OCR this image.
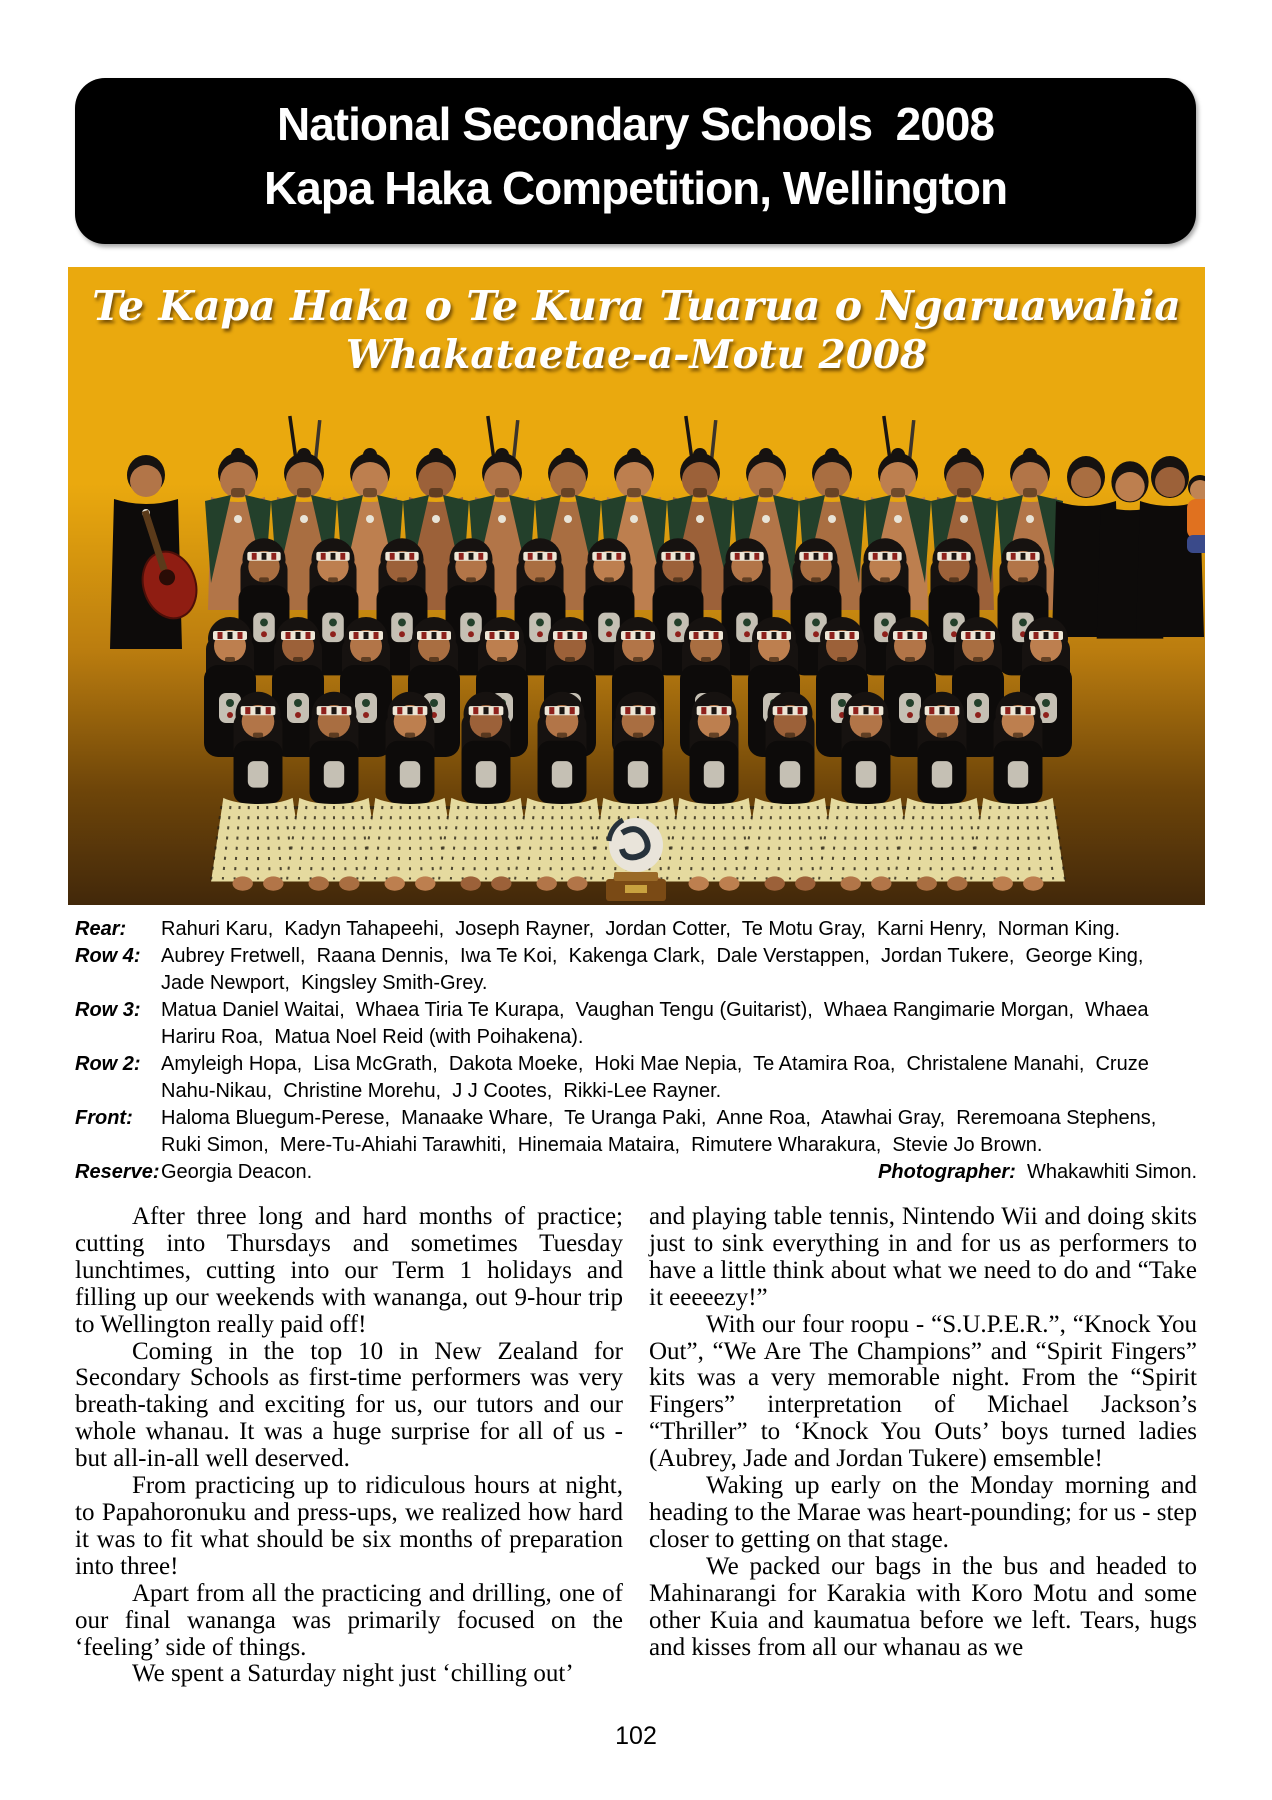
National Secondary Schools  2008
Kapa Haka Competition, Wellington
Te Kapa Haka o Te Kura Tuarua o Ngaruawahia
Whakataetae-a-Motu 2008
Rear:	Rahuri Karu,  Kadyn Tahapeehi,  Joseph Rayner,  Jordan Cotter,  Te Motu Gray,  Karni Henry,  Norman King.
Row 4:	Aubrey Fretwell,  Raana Dennis,  Iwa Te Koi,  Kakenga Clark,  Dale Verstappen,  Jordan Tukere,  George King,  Jade Newport,  Kingsley Smith-Grey.
Row 3:	Matua Daniel Waitai,  Whaea Tiria Te Kurapa,  Vaughan Tengu (Guitarist),  Whaea Rangimarie Morgan,  Whaea Hariru Roa,  Matua Noel Reid (with Poihakena).
Row 2:	Amyleigh Hopa,  Lisa McGrath,  Dakota Moeke,  Hoki Mae Nepia,  Te Atamira Roa,  Christalene Manahi,  Cruze Nahu-Nikau,  Christine Morehu,  J J Cootes,  Rikki-Lee Rayner.
Front:	Haloma Bluegum-Perese,  Manaake Whare,  Te Uranga Paki,  Anne Roa,  Atawhai Gray,  Reremoana Stephens,  Ruki Simon,  Mere-Tu-Ahiahi Tarawhiti,  Hinemaia Mataira,  Rimutere Wharakura,  Stevie Jo Brown.
Reserve: Georgia Deacon.	Photographer:  Whakawhiti Simon.

After three long and hard months of practice; cutting into Thursdays and sometimes Tuesday lunchtimes, cutting into our Term 1 holidays and filling up our weekends with wananga, out 9-hour trip to Wellington really paid off!

Coming in the top 10 in New Zealand for Secondary Schools as first-time performers was very breath-taking and exciting for us, our tutors and our whole whanau. It was a huge surprise for all of us - but all-in-all well deserved.

From practicing up to ridiculous hours at night, to Papahoronuku and press-ups, we realized how hard it was to fit what should be six months of preparation into three!

Apart from all the practicing and drilling, one of our final wananga was primarily focused on the ‘feeling’ side of things.

We spent a Saturday night just ‘chilling out’

and playing table tennis, Nintendo Wii and doing skits just to sink everything in and for us as performers to have a little think about what we need to do and “Take it eeeeezy!”

With our four roopu - “S.U.P.E.R.”, “Knock You Out”, “We Are The Champions” and “Spirit Fingers” kits was a very memorable night. From the “Spirit Fingers” interpretation of Michael Jackson’s “Thriller” to ‘Knock You Outs’ boys turned ladies (Aubrey, Jade and Jordan Tukere) emsemble!

Waking up early on the Monday morning and heading to the Marae was heart-pounding; for us - step closer to getting on that stage.

We packed our bags in the bus and headed to Mahinarangi for Karakia with Koro Motu and some other Kuia and kaumatua before we left. Tears, hugs and kisses from all our whanau as we

102
